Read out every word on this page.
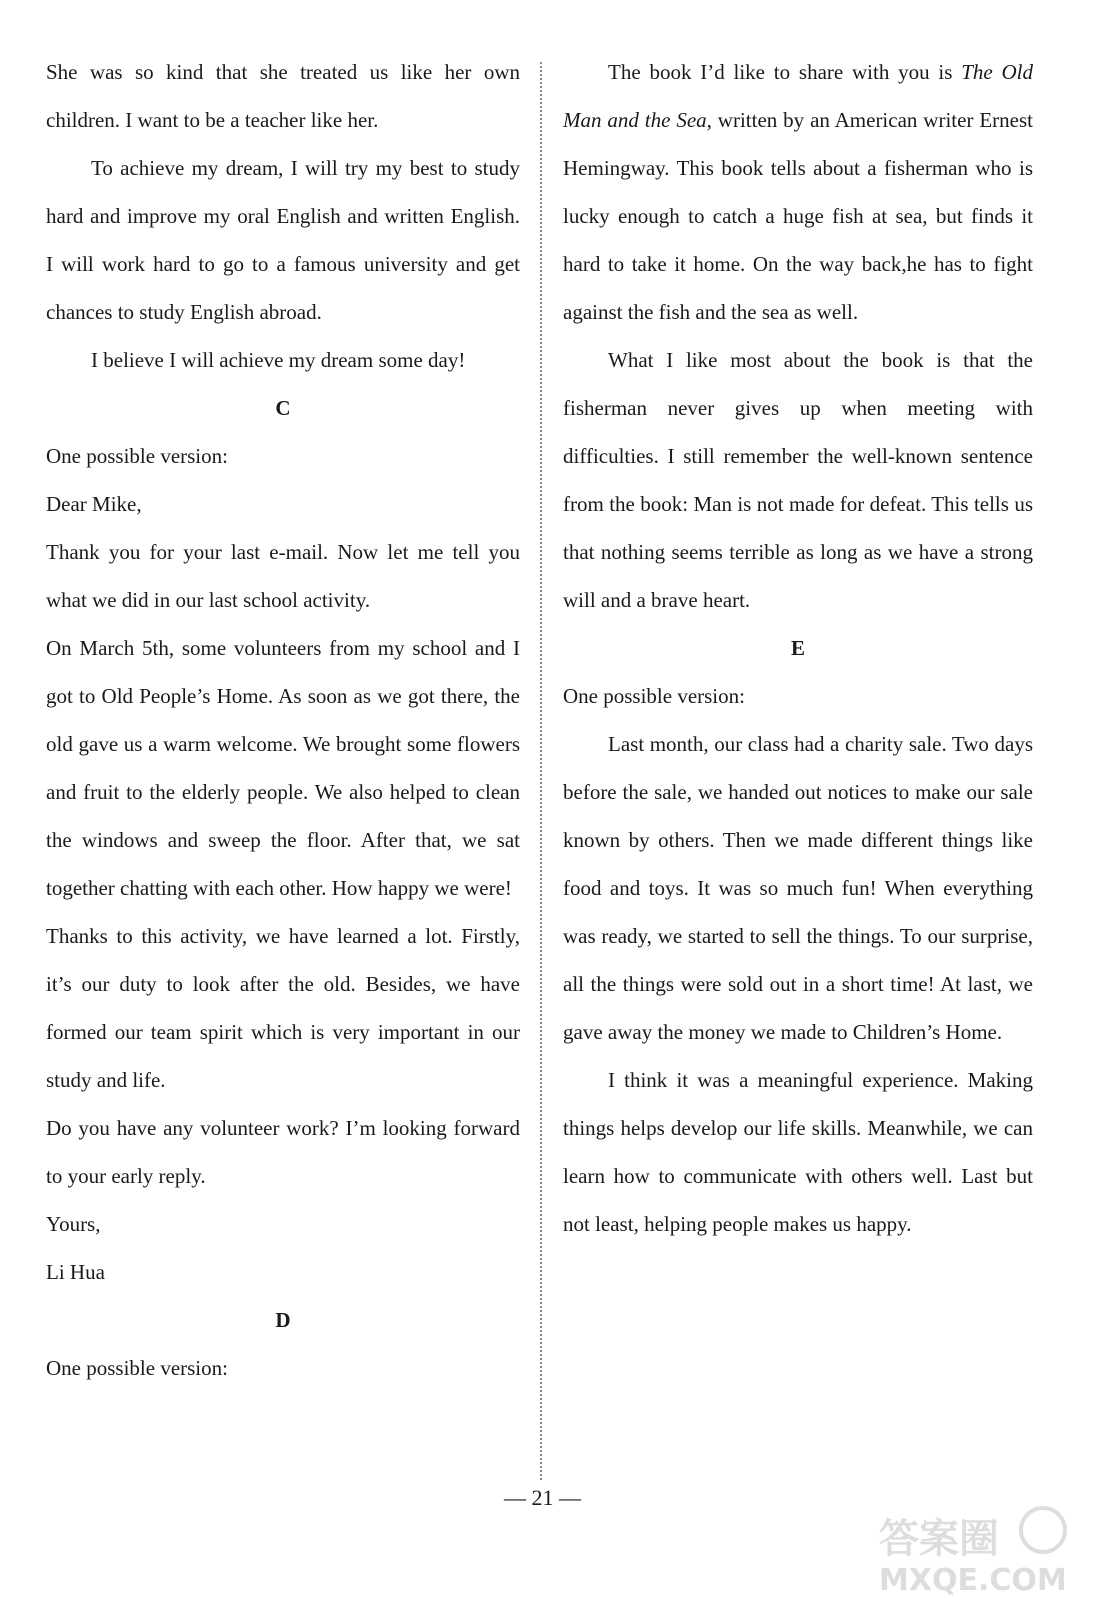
She was so kind that she treated us like her own children. I want to be a teacher like her.

To achieve my dream, I will try my best to study hard and improve my oral English and written English. I will work hard to go to a famous university and get chances to study English abroad.

I believe I will achieve my dream some day!

C

One possible version:

Dear Mike,

Thank you for your last e-mail. Now let me tell you what we did in our last school activity.

On March 5th, some volunteers from my school and I got to Old People’s Home. As soon as we got there, the old gave us a warm welcome. We brought some flowers and fruit to the elderly people. We also helped to clean the windows and sweep the floor. After that, we sat together chatting with each other. How happy we were!

Thanks to this activity, we have learned a lot. Firstly, it’s our duty to look after the old. Besides, we have formed our team spirit which is very important in our study and life.

Do you have any volunteer work? I’m looking forward to your early reply.

Yours,

Li Hua

D

One possible version:

The book I’d like to share with you is The Old Man and the Sea, written by an American writer Ernest Hemingway. This book tells about a fisherman who is lucky enough to catch a huge fish at sea, but finds it hard to take it home. On the way back,he has to fight against the fish and the sea as well.

What I like most about the book is that the fisherman never gives up when meeting with difficulties. I still remember the well-known sentence from the book: Man is not made for defeat. This tells us that nothing seems terrible as long as we have a strong will and a brave heart.

E

One possible version:

Last month, our class had a charity sale. Two days before the sale, we handed out notices to make our sale known by others. Then we made different things like food and toys. It was so much fun! When everything was ready, we started to sell the things. To our surprise, all the things were sold out in a short time! At last, we gave away the money we made to Children’s Home.

I think it was a meaningful experience. Making things helps develop our life skills. Meanwhile, we can learn how to communicate with others well. Last but not least, helping people makes us happy.

— 21 —
答案圈
MXQE.COM
